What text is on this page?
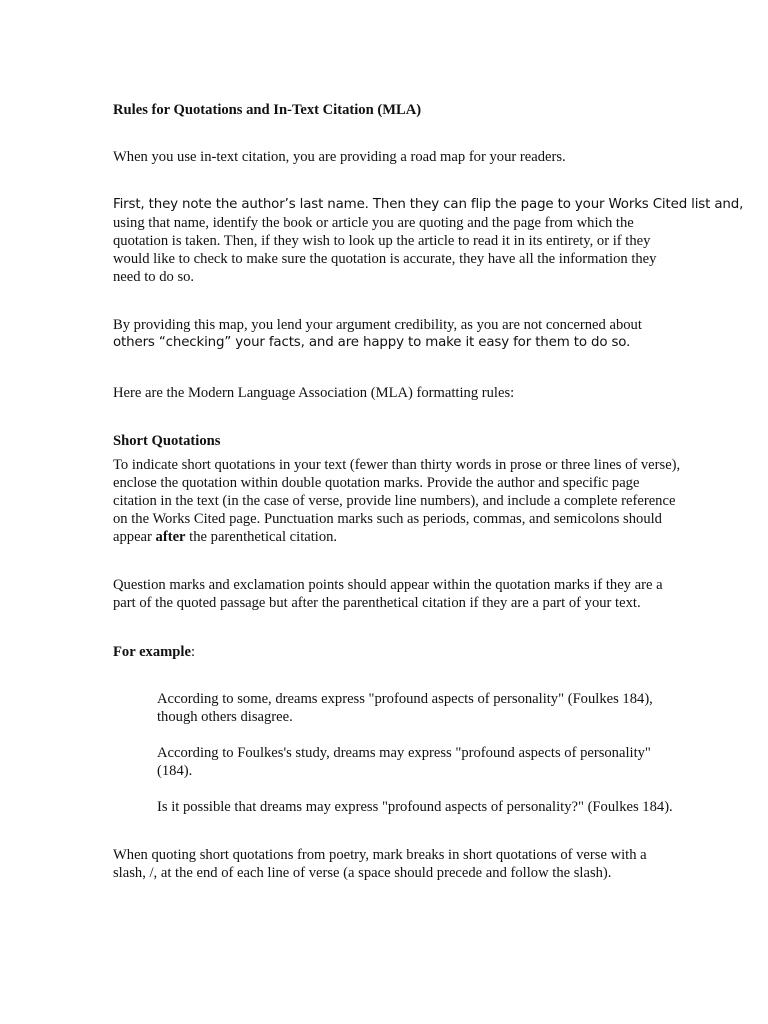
Rules for Quotations and In-Text Citation (MLA)

When you use in-text citation, you are providing a road map for your readers.

First, they note the author’s last name. Then they can flip the page to your Works Cited list and,
using that name, identify the book or article you are quoting and the page from which the
quotation is taken. Then, if they wish to look up the article to read it in its entirety, or if they
would like to check to make sure the quotation is accurate, they have all the information they
need to do so.

By providing this map, you lend your argument credibility, as you are not concerned about
others “checking” your facts, and are happy to make it easy for them to do so.

Here are the Modern Language Association (MLA) formatting rules:

Short Quotations

To indicate short quotations in your text (fewer than thirty words in prose or three lines of verse),
enclose the quotation within double quotation marks. Provide the author and specific page
citation in the text (in the case of verse, provide line numbers), and include a complete reference
on the Works Cited page. Punctuation marks such as periods, commas, and semicolons should
appear after the parenthetical citation.

Question marks and exclamation points should appear within the quotation marks if they are a
part of the quoted passage but after the parenthetical citation if they are a part of your text.

For example:

According to some, dreams express "profound aspects of personality" (Foulkes 184),
though others disagree.

According to Foulkes's study, dreams may express "profound aspects of personality"
(184).

Is it possible that dreams may express "profound aspects of personality?" (Foulkes 184).

When quoting short quotations from poetry, mark breaks in short quotations of verse with a
slash, /, at the end of each line of verse (a space should precede and follow the slash).
